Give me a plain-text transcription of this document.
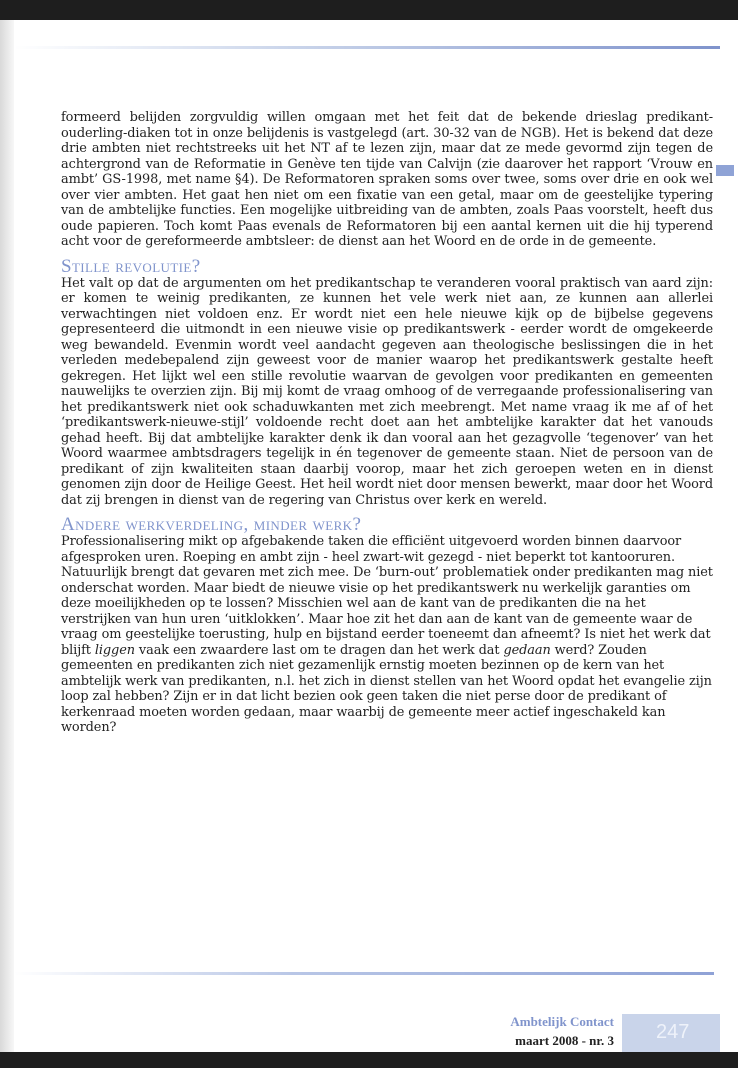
formeerd belijden zorgvuldig willen omgaan met het feit dat de bekende drieslag predikant-ouderling-diaken tot in onze belijdenis is vastgelegd (art. 30-32 van de NGB). Het is bekend dat deze drie ambten niet rechtstreeks uit het NT af te lezen zijn, maar dat ze mede gevormd zijn tegen de achtergrond van de Reformatie in Genève ten tijde van Calvijn (zie daarover het rapport ‘Vrouw en ambt’ GS-1998, met name §4). De Reformatoren spraken soms over twee, soms over drie en ook wel over vier ambten. Het gaat hen niet om een fixatie van een getal, maar om de geestelijke typering van de ambtelijke functies. Een mogelijke uitbreiding van de ambten, zoals Paas voorstelt, heeft dus oude papieren. Toch komt Paas evenals de Reformatoren bij een aantal kernen uit die hij typerend acht voor de gereformeerde ambtsleer: de dienst aan het Woord en de orde in de gemeente.

Stille revolutie?

Het valt op dat de argumenten om het predikantschap te veranderen vooral praktisch van aard zijn: er komen te weinig predikanten, ze kunnen het vele werk niet aan, ze kunnen aan allerlei verwachtingen niet voldoen enz. Er wordt niet een hele nieuwe kijk op de bijbelse gegevens gepresenteerd die uitmondt in een nieuwe visie op predikantswerk - eerder wordt de omgekeerde weg bewandeld. Evenmin wordt veel aandacht gegeven aan theologische beslissingen die in het verleden medebepalend zijn geweest voor de manier waarop het predikantswerk gestalte heeft gekregen. Het lijkt wel een stille revolutie waarvan de gevolgen voor predikanten en gemeenten nauwelijks te overzien zijn. Bij mij komt de vraag omhoog of de verregaande professionalisering van het predikantswerk niet ook schaduwkanten met zich meebrengt. Met name vraag ik me af of het ‘predikantswerk-nieuwe-stijl’ voldoende recht doet aan het ambtelijke karakter dat het vanouds gehad heeft. Bij dat ambtelijke karakter denk ik dan vooral aan het gezagvolle ‘tegenover’ van het Woord waarmee ambtsdragers tegelijk in én tegenover de gemeente staan. Niet de persoon van de predikant of zijn kwaliteiten staan daarbij voorop, maar het zich geroepen weten en in dienst genomen zijn door de Heilige Geest. Het heil wordt niet door mensen bewerkt, maar door het Woord dat zij brengen in dienst van de regering van Christus over kerk en wereld.

Andere werkverdeling, minder werk?

Professionalisering mikt op afgebakende taken die efficiënt uitgevoerd worden binnen daarvoor afgesproken uren. Roeping en ambt zijn - heel zwart-wit gezegd - niet beperkt tot kantooruren. Natuurlijk brengt dat gevaren met zich mee. De ‘burn-out’ problematiek onder predikanten mag niet onderschat worden. Maar biedt de nieuwe visie op het predikantswerk nu werkelijk garanties om deze moeilijkheden op te lossen? Misschien wel aan de kant van de predikanten die na het verstrijken van hun uren ‘uitklokken’. Maar hoe zit het dan aan de kant van de gemeente waar de vraag om geestelijke toerusting, hulp en bijstand eerder toeneemt dan afneemt? Is niet het werk dat blijft liggen vaak een zwaardere last om te dragen dan het werk dat gedaan werd? Zouden gemeenten en predikanten zich niet gezamenlijk ernstig moeten bezinnen op de kern van het ambtelijk werk van predikanten, n.l. het zich in dienst stellen van het Woord opdat het evangelie zijn loop zal hebben? Zijn er in dat licht bezien ook geen taken die niet perse door de predikant of kerkenraad moeten worden gedaan, maar waarbij de gemeente meer actief ingeschakeld kan worden?

Ambtelijk Contact
maart 2008 - nr. 3 247
